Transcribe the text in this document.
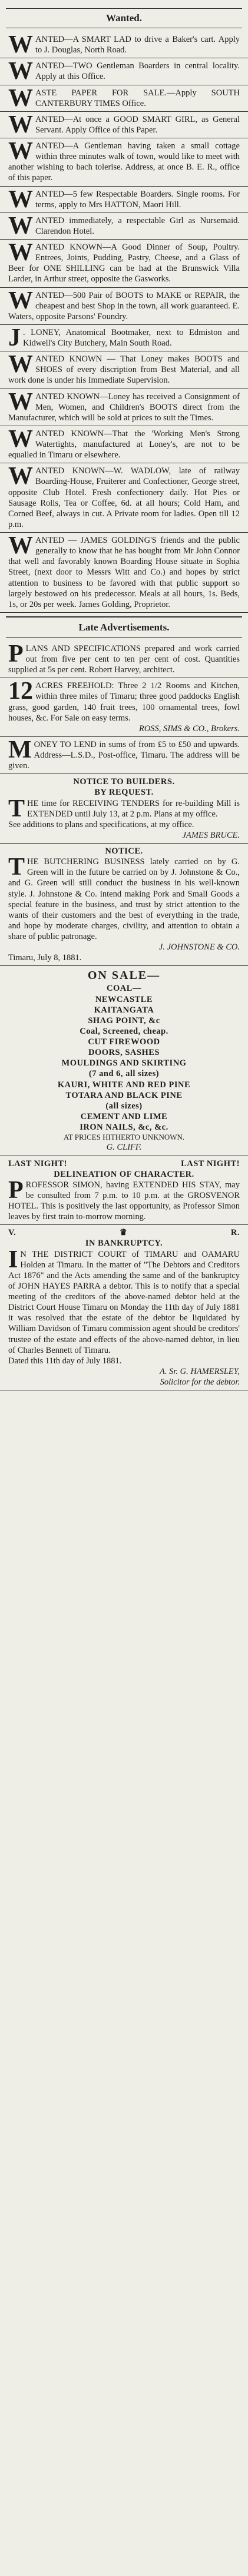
Wanted.
W ANTED—A SMART LAD to drive a Baker's cart. Apply to J. Douglas, North Road.

W ANTED—TWO Gentleman Boarders in central locality. Apply at this Office.

W ASTE PAPER FOR SALE.—Apply SOUTH CANTERBURY TIMES Office.

W ANTED—At once a GOOD SMART GIRL, as General Servant. Apply Office of this Paper.

W ANTED—A Gentleman having taken a small cottage within three minutes walk of town, would like to meet with another wishing to bach tolerise. Address, at once B. E. R., office of this paper.

W ANTED—5 few Respectable Boarders. Single rooms. For terms, apply to Mrs HATTON, Maori Hill.

W ANTED immediately, a respectable Girl as Nursemaid. Clarendon Hotel.

W ANTED KNOWN—A Good Dinner of Soup, Poultry. Entrees, Joints, Pudding, Pastry, Cheese, and a Glass of Beer for ONE SHILLING can be had at the Brunswick Villa Larder, in Arthur street, opposite the Gasworks.

W ANTED—500 Pair of BOOTS to MAKE or REPAIR, the cheapest and best Shop in the town, all work guaranteed. E. Waters, opposite Parsons' Foundry.

J . LONEY, Anatomical Bootmaker, next to Edmiston and Kidwell's City Butchery, Main South Road.

W ANTED KNOWN — That Loney makes BOOTS and SHOES of every discription from Best Material, and all work done is under his Immediate Supervision.

W ANTED KNOWN—Loney has received a Consignment of Men, Women, and Children's BOOTS direct from the Manufacturer, which will be sold at prices to suit the Times.

W ANTED KNOWN—That the 'Working Men's Strong Watertights, manufactured at Loney's, are not to be equalled in Timaru or elsewhere.

W ANTED KNOWN—W. WADLOW, late of railway Boarding-House, Fruiterer and Confectioner, George street, opposite Club Hotel. Fresh confectionery daily. Hot Pies or Sausage Rolls, Tea or Coffee, 6d. at all hours; Cold Ham, and Corned Beef, always in cut. A Private room for ladies. Open till 12 p.m.

W ANTED — JAMES GOLDING'S friends and the public generally to know that he has bought from Mr John Connor that well and favorably known Boarding House situate in Sophia Street, (next door to Messrs Witt and Co.) and hopes by strict attention to business to be favored with that public support so largely bestowed on his predecessor. Meals at all hours, 1s. Beds, 1s, or 20s per week. James Golding, Proprietor.

Late Advertisements.
P LANS AND SPECIFICATIONS prepared and work carried out from five per cent to ten per cent of cost. Quantities supplied at 5s per cent. Robert Harvey, architect.

12 ACRES FREEHOLD: Three 2 1/2 Rooms and Kitchen, within three miles of Timaru; three good paddocks English grass, good garden, 140 fruit trees, 100 ornamental trees, fowl houses, &c. For Sale on easy terms.

ROSS, SIMS & CO., Brokers.

M ONEY TO LEND in sums of from £5 to £50 and upwards. Address—L.S.D., Post-office, Timaru. The address will be given.

NOTICE TO BUILDERS.

BY REQUEST.

T HE time for RECEIVING TENDERS for re-building Mill is EXTENDED until July 13, at 2 p.m. Plans at my office.

See additions to plans and specifications, at my office.

JAMES BRUCE.

NOTICE.

T HE BUTCHERING BUSINESS lately carried on by G. Green will in the future be carried on by J. Johnstone & Co., and G. Green will still conduct the business in his well-known style. J. Johnstone & Co. intend making Pork and Small Goods a special feature in the business, and trust by strict attention to the wants of their customers and the best of everything in the trade, and hope by moderate charges, civility, and attention to obtain a share of public patronage.

J. JOHNSTONE & CO.

Timaru, July 8, 1881.

ON SALE—

COAL—

NEWCASTLE

KAITANGATA

SHAG POINT, &c

Coal, Screened, cheap.

CUT FIREWOOD

DOORS, SASHES

MOULDINGS AND SKIRTING

(7 and 6, all sizes)

KAURI, WHITE AND RED PINE

TOTARA AND BLACK PINE

(all sizes)

CEMENT AND LIME

IRON NAILS, &c, &c.

AT PRICES HITHERTO UNKNOWN.

G. CLIFF.

LAST NIGHT!	LAST NIGHT!

DELINEATION OF CHARACTER.

P ROFESSOR SIMON, having EXTENDED HIS STAY, may be consulted from 7 p.m. to 10 p.m. at the GROSVENOR HOTEL. This is positively the last opportunity, as Professor Simon leaves by first train to-morrow morning.

V.	♛	R.

IN BANKRUPTCY.

I N THE DISTRICT COURT of TIMARU and OAMARU Holden at Timaru. In the matter of "The Debtors and Creditors Act 1876" and the Acts amending the same and of the bankruptcy of JOHN HAYES PARRA a debtor. This is to notify that a special meeting of the creditors of the above-named debtor held at the District Court House Timaru on Monday the 11th day of July 1881 it was resolved that the estate of the debtor be liquidated by William Davidson of Timaru commission agent should be creditors' trustee of the estate and effects of the above-named debtor, in lieu of Charles Bennett of Timaru.

Dated this 11th day of July 1881.

A. Sr. G. HAMERSLEY,

Solicitor for the debtor.
